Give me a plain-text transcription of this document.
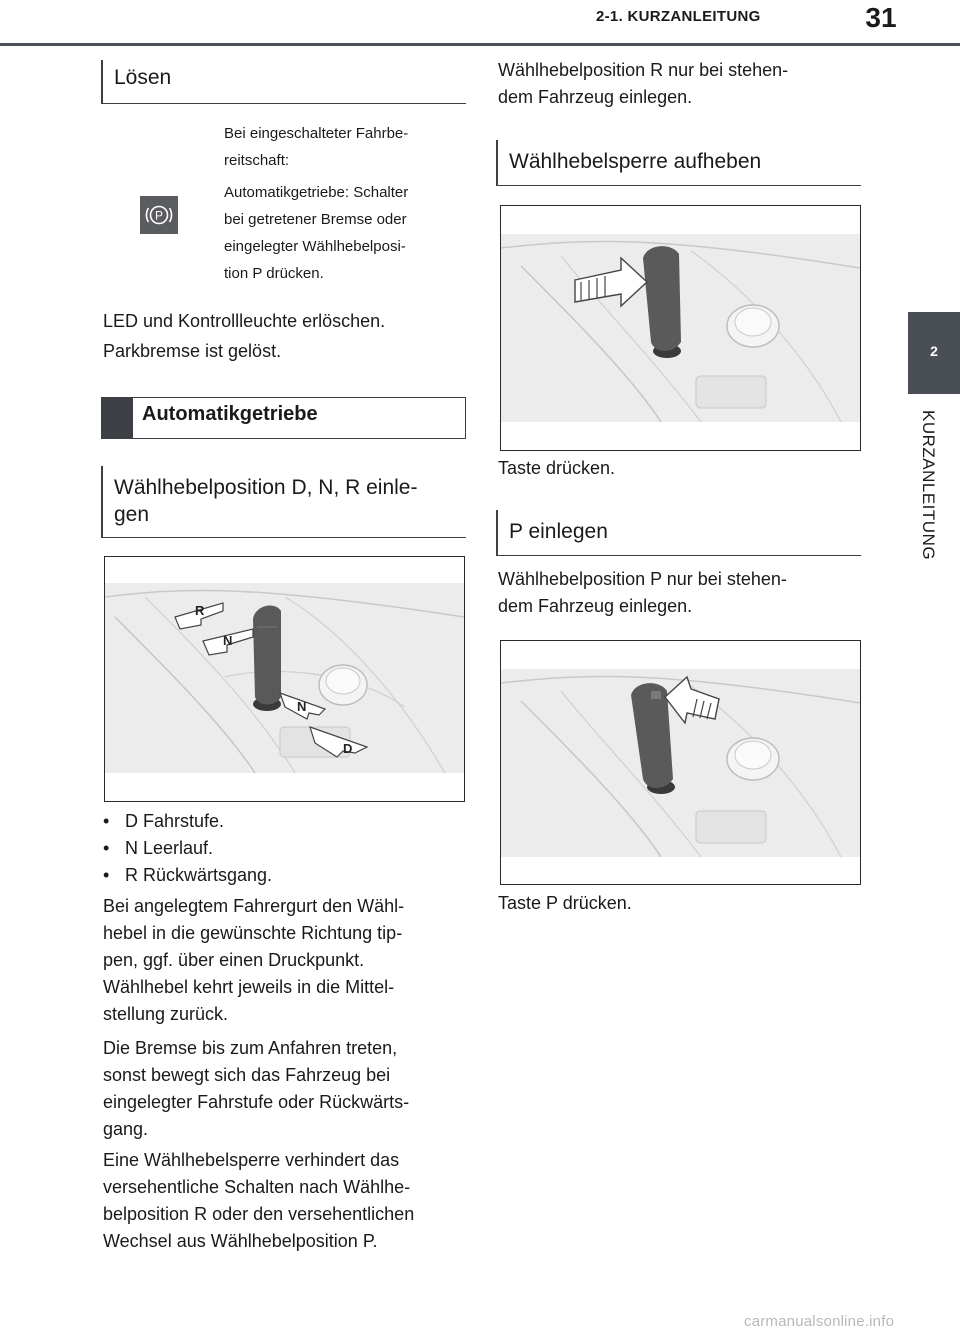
2-1. KURZANLEITUNG	31
2
KURZANLEITUNG
Lösen
P
Bei eingeschalteter Fahrbe-
reitschaft:
Automatikgetriebe: Schalter
bei getretener Bremse oder
eingelegter Wählhebelposi-
tion P drücken.
LED und Kontrollleuchte erlöschen.
Parkbremse ist gelöst.
Automatikgetriebe
Wählhebelposition D, N, R einle-
gen
R
N
N
D
• D Fahrstufe.
• N Leerlauf.
• R Rückwärtsgang.
Bei angelegtem Fahrergurt den Wähl-
hebel in die gewünschte Richtung tip-
pen, ggf. über einen Druckpunkt.
Wählhebel kehrt jeweils in die Mittel-
stellung zurück.
Die Bremse bis zum Anfahren treten,
sonst bewegt sich das Fahrzeug bei
eingelegter Fahrstufe oder Rückwärts-
gang.
Eine Wählhebelsperre verhindert das
versehentliche Schalten nach Wählhe-
belposition R oder den versehentlichen
Wechsel aus Wählhebelposition P.
Wählhebelposition R nur bei stehen-
dem Fahrzeug einlegen.
Wählhebelsperre aufheben
Taste drücken.
P einlegen
Wählhebelposition P nur bei stehen-
dem Fahrzeug einlegen.
Taste P drücken.
carmanualsonline.info
